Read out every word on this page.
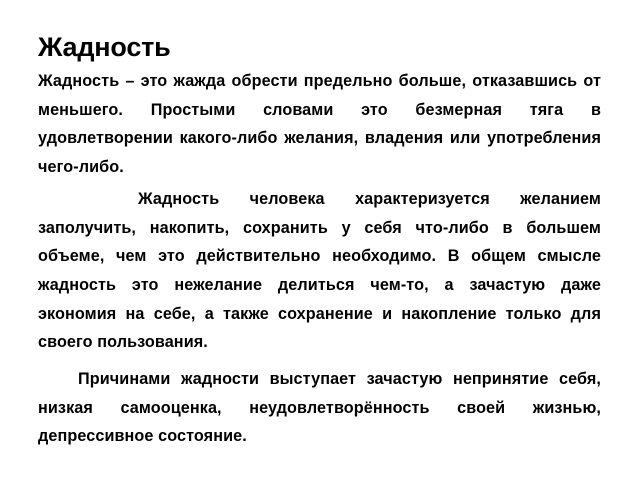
Жадность

Жадность – это жажда обрести предельно больше, отказавшись от меньшего. Простыми словами это безмерная тяга в удовлетворении какого-либо желания, владения или употребления чего-либо.

Жадность человека характеризуется желанием заполучить, накопить, сохранить у себя что-либо в большем объеме, чем это действительно необходимо. В общем смысле жадность это нежелание делиться чем-то, а зачастую даже экономия на себе, а также сохранение и накопление только для своего пользования.

Причинами жадности выступает зачастую непринятие себя, низкая самооценка, неудовлетворённость своей жизнью, депрессивное состояние.
